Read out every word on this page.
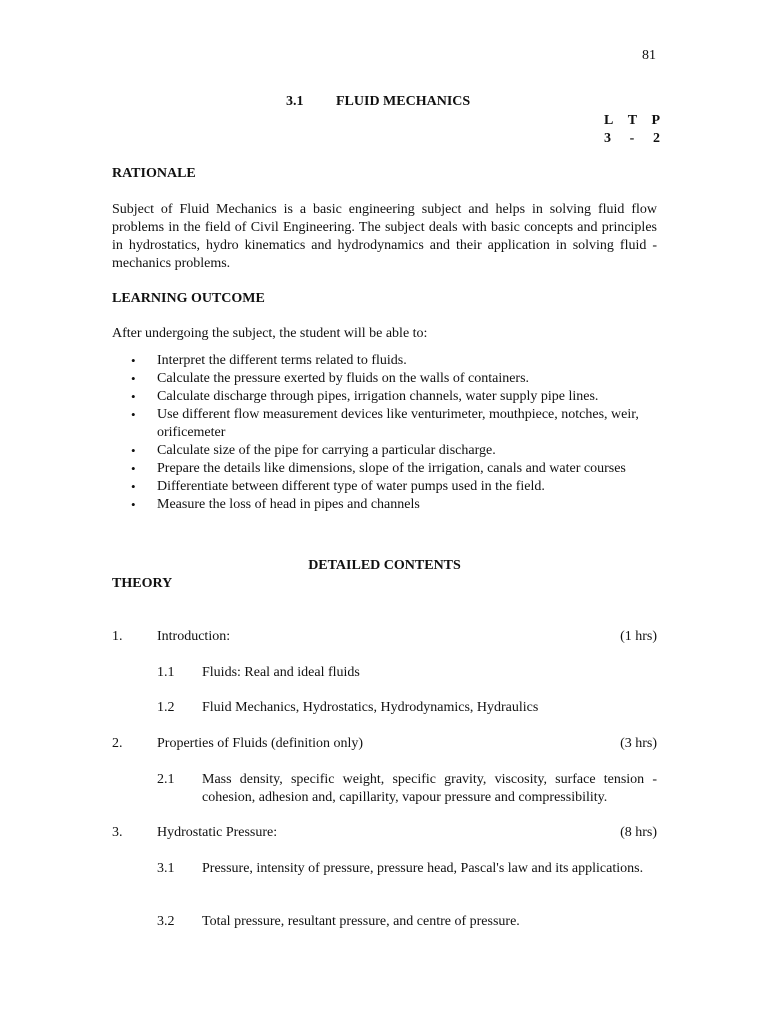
81
3.1 FLUID MECHANICS
L T P
3 - 2
RATIONALE
Subject of Fluid Mechanics is a basic engineering subject and helps in solving fluid flow problems in the field of Civil Engineering. The subject deals with basic concepts and principles in hydrostatics, hydro kinematics and hydrodynamics and their application in solving fluid -mechanics problems.
LEARNING OUTCOME
After undergoing the subject, the student will be able to:
• Interpret the different terms related to fluids.
• Calculate the pressure exerted by fluids on the walls of containers.
• Calculate discharge through pipes, irrigation channels, water supply pipe lines.
• Use different flow measurement devices like venturimeter, mouthpiece, notches, weir, orificemeter
• Calculate size of the pipe for carrying a particular discharge.
• Prepare the details like dimensions, slope of the irrigation, canals and water courses
• Differentiate between different type of water pumps used in the field.
• Measure the loss of head in pipes and channels
DETAILED CONTENTS
THEORY
1.	Introduction:	(1 hrs)
1.1	Fluids: Real and ideal fluids
1.2	Fluid Mechanics, Hydrostatics, Hydrodynamics, Hydraulics
2.	Properties of Fluids (definition only)	(3 hrs)
2.1	Mass density, specific weight, specific gravity, viscosity, surface tension - cohesion, adhesion and, capillarity, vapour pressure and compressibility.
3.	Hydrostatic Pressure:	(8 hrs)
3.1	Pressure, intensity of pressure, pressure head, Pascal's law and its applications.
3.2	Total pressure, resultant pressure, and centre of pressure.
